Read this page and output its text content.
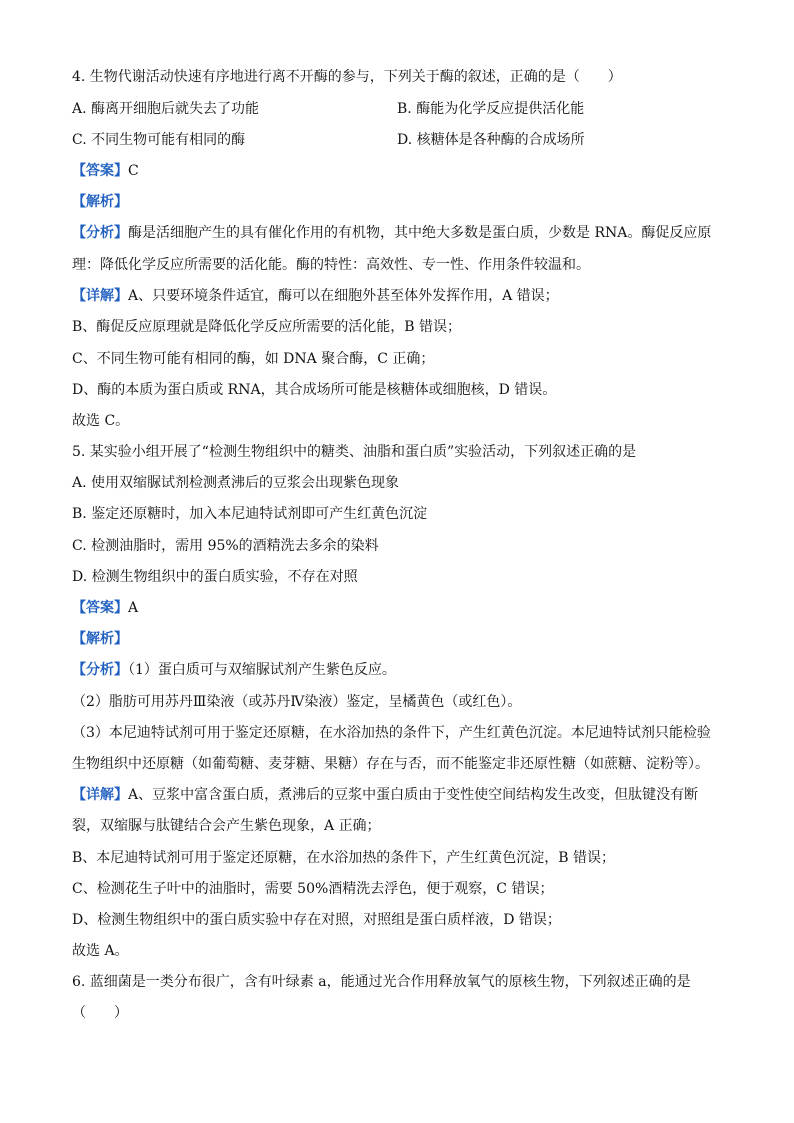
4. 生物代谢活动快速有序地进行离不开酶的参与，下列关于酶的叙述，正确的是（　　）
A. 酶离开细胞后就失去了功能	B. 酶能为化学反应提供活化能
C. 不同生物可能有相同的酶	D. 核糖体是各种酶的合成场所
【答案】C
【解析】
【分析】酶是活细胞产生的具有催化作用的有机物，其中绝大多数是蛋白质，少数是 RNA。酶促反应原
理：降低化学反应所需要的活化能。酶的特性：高效性、专一性、作用条件较温和。
【详解】A、只要环境条件适宜，酶可以在细胞外甚至体外发挥作用，A 错误；
B、酶促反应原理就是降低化学反应所需要的活化能，B 错误；
C、不同生物可能有相同的酶，如 DNA 聚合酶，C 正确；
D、酶的本质为蛋白质或 RNA，其合成场所可能是核糖体或细胞核，D 错误。
故选 C。
5. 某实验小组开展了“检测生物组织中的糖类、油脂和蛋白质”实验活动，下列叙述正确的是
A. 使用双缩脲试剂检测煮沸后的豆浆会出现紫色现象
B. 鉴定还原糖时，加入本尼迪特试剂即可产生红黄色沉淀
C. 检测油脂时，需用 95%的酒精洗去多余的染料
D. 检测生物组织中的蛋白质实验，不存在对照
【答案】A
【解析】
【分析】（1）蛋白质可与双缩脲试剂产生紫色反应。
（2）脂肪可用苏丹Ⅲ染液（或苏丹Ⅳ染液）鉴定，呈橘黄色（或红色）。
（3）本尼迪特试剂可用于鉴定还原糖，在水浴加热的条件下，产生红黄色沉淀。本尼迪特试剂只能检验
生物组织中还原糖（如葡萄糖、麦芽糖、果糖）存在与否，而不能鉴定非还原性糖（如蔗糖、淀粉等）。
【详解】A、豆浆中富含蛋白质，煮沸后的豆浆中蛋白质由于变性使空间结构发生改变，但肽键没有断
裂，双缩脲与肽键结合会产生紫色现象，A 正确；
B、本尼迪特试剂可用于鉴定还原糖，在水浴加热的条件下，产生红黄色沉淀，B 错误；
C、检测花生子叶中的油脂时，需要 50%酒精洗去浮色，便于观察，C 错误；
D、检测生物组织中的蛋白质实验中存在对照，对照组是蛋白质样液，D 错误；
故选 A。
6. 蓝细菌是一类分布很广，含有叶绿素 a，能通过光合作用释放氧气的原核生物，下列叙述正确的是
（　　）
